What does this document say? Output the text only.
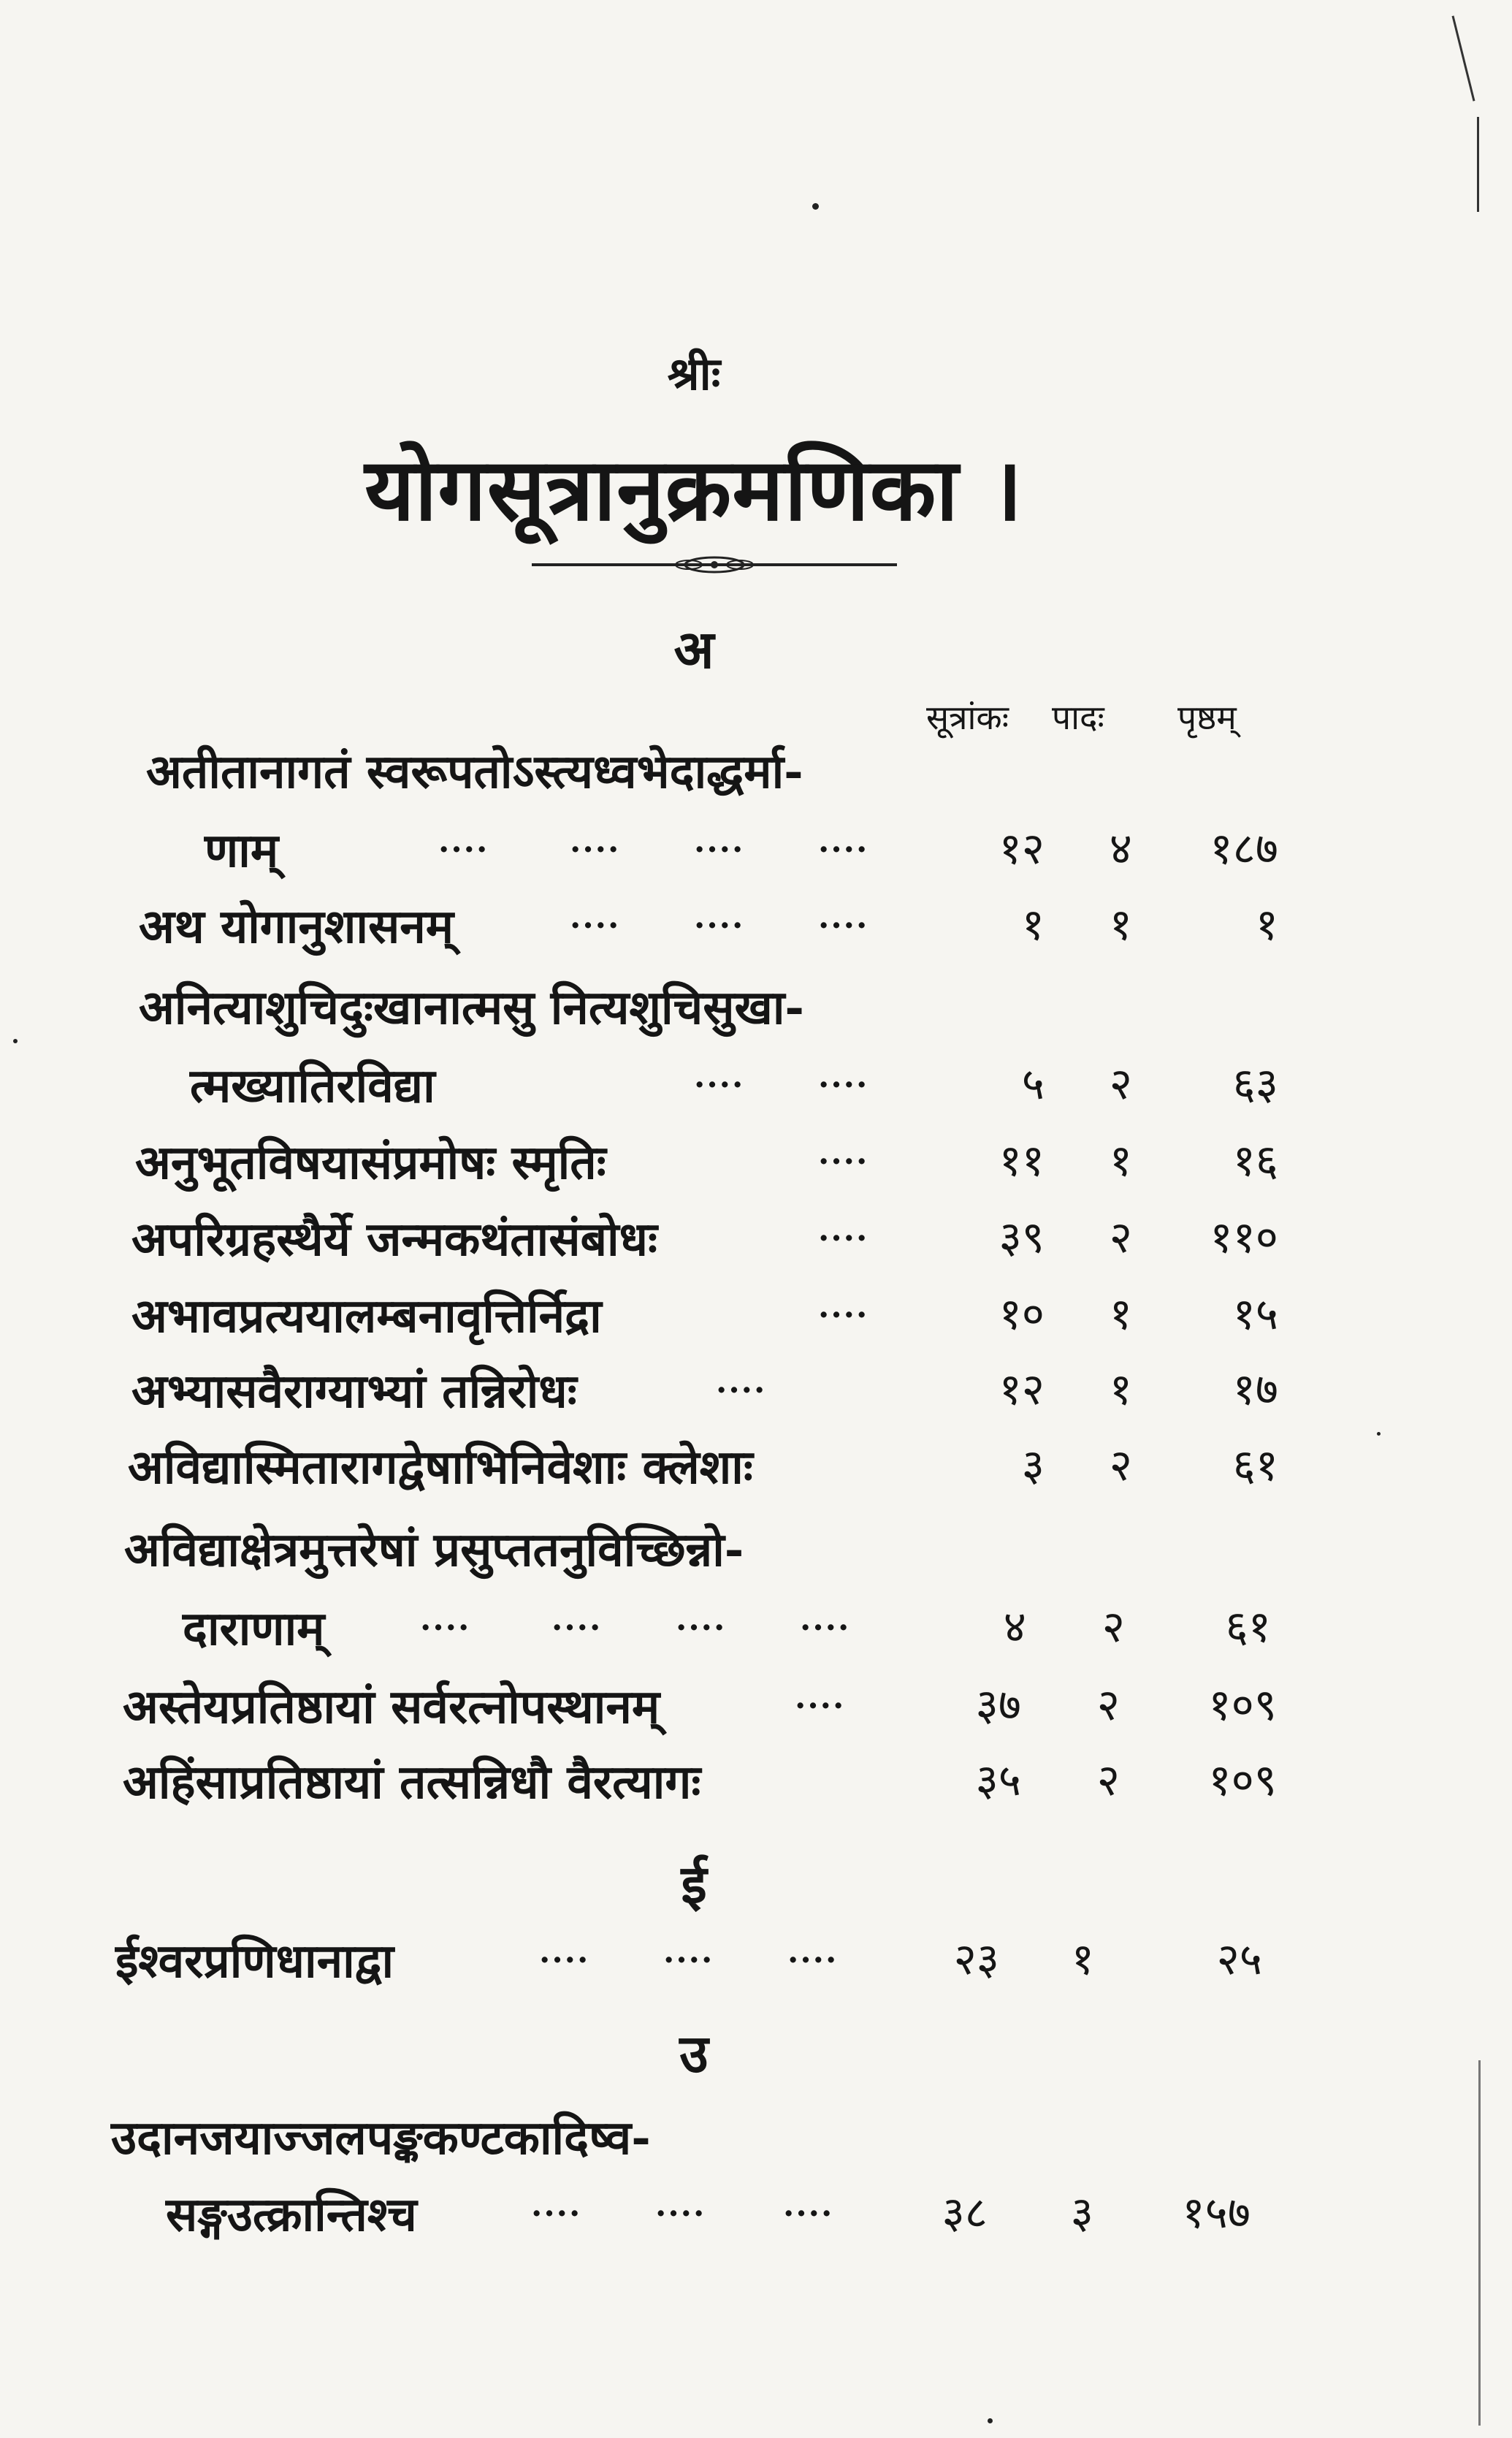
श्रीः
योगसूत्रानुक्रमणिका ।
अ
सूत्रांकः पादः पृष्ठम्
अतीतानागतं स्वरूपतोऽस्त्यध्वभेदाद्धर्मा-
णाम्	....	.... .... ....	१२	४	१८७
अथ योगानुशासनम्	.... .... ....	१	१	१
अनित्याशुचिदुःखानात्मसु नित्यशुचिसुखा-
त्मख्यातिरविद्या	.... ....	५	२	६३
अनुभूतविषयासंप्रमोषः स्मृतिः	....	११	१	१६
अपरिग्रहस्थैर्ये जन्मकथंतासंबोधः	....	३९	२	११०
अभावप्रत्ययालम्बनावृत्तिर्निद्रा	....	१०	१	१५
अभ्यासवैराग्याभ्यां तन्निरोधः	....	१२	१	१७
अविद्यास्मितारागद्वेषाभिनिवेशाः क्लेशाः	३	२	६१
अविद्याक्षेत्रमुत्तरेषां प्रसुप्ततनुविच्छिन्नो-
दाराणाम्	....	.... .... ....	४	२	६१
अस्तेयप्रतिष्ठायां सर्वरत्नोपस्थानम्	....	३७	२	१०९
अहिंसाप्रतिष्ठायां तत्सन्निधौ वैरत्यागः	३५	२	१०९
ई
ईश्वरप्रणिधानाद्वा	.... .... ....	२३	१	२५
उ
उदानजयाज्जलपङ्ककण्टकादिष्व-
सङ्गउत्क्रान्तिश्च	.... .... ....	३८	३	१५७
